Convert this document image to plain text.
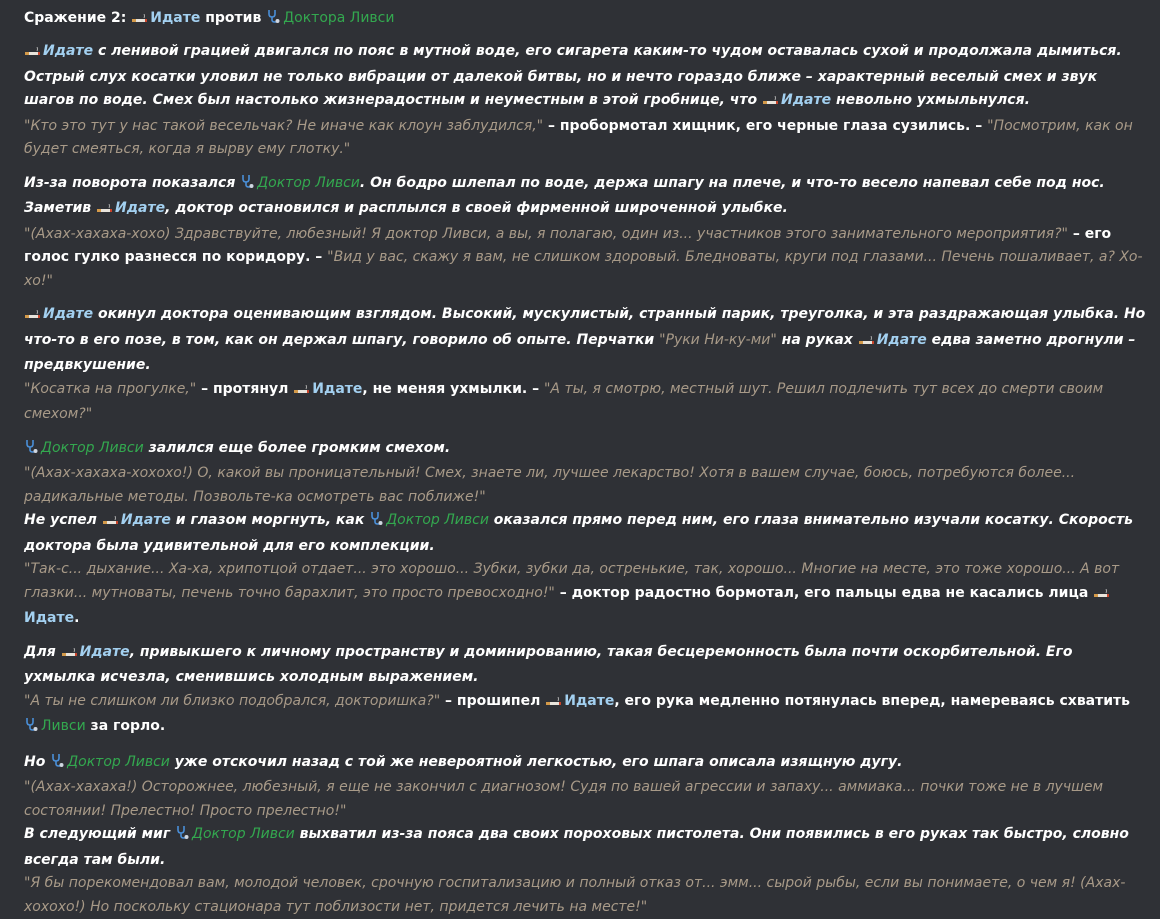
Сражение 2: Идате против Доктора Ливси

Идате с ленивой грацией двигался по пояс в мутной воде, его сигарета каким-то чудом оставалась сухой и продолжала дымиться. Острый слух косатки уловил не только вибрации от далекой битвы, но и нечто гораздо ближе – характерный веселый смех и звук шагов по воде. Смех был настолько жизнерадостным и неуместным в этой гробнице, что Идате невольно ухмыльнулся.

"Кто это тут у нас такой весельчак? Не иначе как клоун заблудился," – пробормотал хищник, его черные глаза сузились. – "Посмотрим, как он будет смеяться, когда я вырву ему глотку."

Из-за поворота показался Доктор Ливси. Он бодро шлепал по воде, держа шпагу на плече, и что-то весело напевал себе под нос. Заметив Идате, доктор остановился и расплылся в своей фирменной широченной улыбке.

"(Ахах-хахаха-хохо) Здравствуйте, любезный! Я доктор Ливси, а вы, я полагаю, один из... участников этого занимательного мероприятия?" – его голос гулко разнесся по коридору. – "Вид у вас, скажу я вам, не слишком здоровый. Бледноваты, круги под глазами... Печень пошаливает, а? Хо-хо!"

Идате окинул доктора оценивающим взглядом. Высокий, мускулистый, странный парик, треуголка, и эта раздражающая улыбка. Но что-то в его позе, в том, как он держал шпагу, говорило об опыте. Перчатки "Руки Ни-ку-ми" на руках Идате едва заметно дрогнули – предвкушение.

"Косатка на прогулке," – протянул Идате, не меняя ухмылки. – "А ты, я смотрю, местный шут. Решил подлечить тут всех до смерти своим смехом?"

Доктор Ливси залился еще более громким смехом.

"(Ахах-хахаха-хохохо!) О, какой вы проницательный! Смех, знаете ли, лучшее лекарство! Хотя в вашем случае, боюсь, потребуются более... радикальные методы. Позвольте-ка осмотреть вас поближе!"

Не успел Идате и глазом моргнуть, как Доктор Ливси оказался прямо перед ним, его глаза внимательно изучали косатку. Скорость доктора была удивительной для его комплекции.

"Так-с... дыхание... Ха-ха, хрипотцой отдает... это хорошо... Зубки, зубки да, остренькие, так, хорошо... Многие на месте, это тоже хорошо... А вот глазки... мутноваты, печень точно барахлит, это просто превосходно!" – доктор радостно бормотал, его пальцы едва не касались лица Идате.

Для Идате, привыкшего к личному пространству и доминированию, такая бесцеремонность была почти оскорбительной. Его ухмылка исчезла, сменившись холодным выражением.

"А ты не слишком ли близко подобрался, докторишка?" – прошипел Идате, его рука медленно потянулась вперед, намереваясь схватить Ливси за горло.

Но Доктор Ливси уже отскочил назад с той же невероятной легкостью, его шпага описала изящную дугу.

"(Ахах-хахаха!) Осторожнее, любезный, я еще не закончил с диагнозом! Судя по вашей агрессии и запаху... аммиака... почки тоже не в лучшем состоянии! Прелестно! Просто прелестно!"

В следующий миг Доктор Ливси выхватил из-за пояса два своих пороховых пистолета. Они появились в его руках так быстро, словно всегда там были.

"Я бы порекомендовал вам, молодой человек, срочную госпитализацию и полный отказ от... эмм... сырой рыбы, если вы понимаете, о чем я! (Ахах-хохохо!) Но поскольку стационара тут поблизости нет, придется лечить на месте!"
